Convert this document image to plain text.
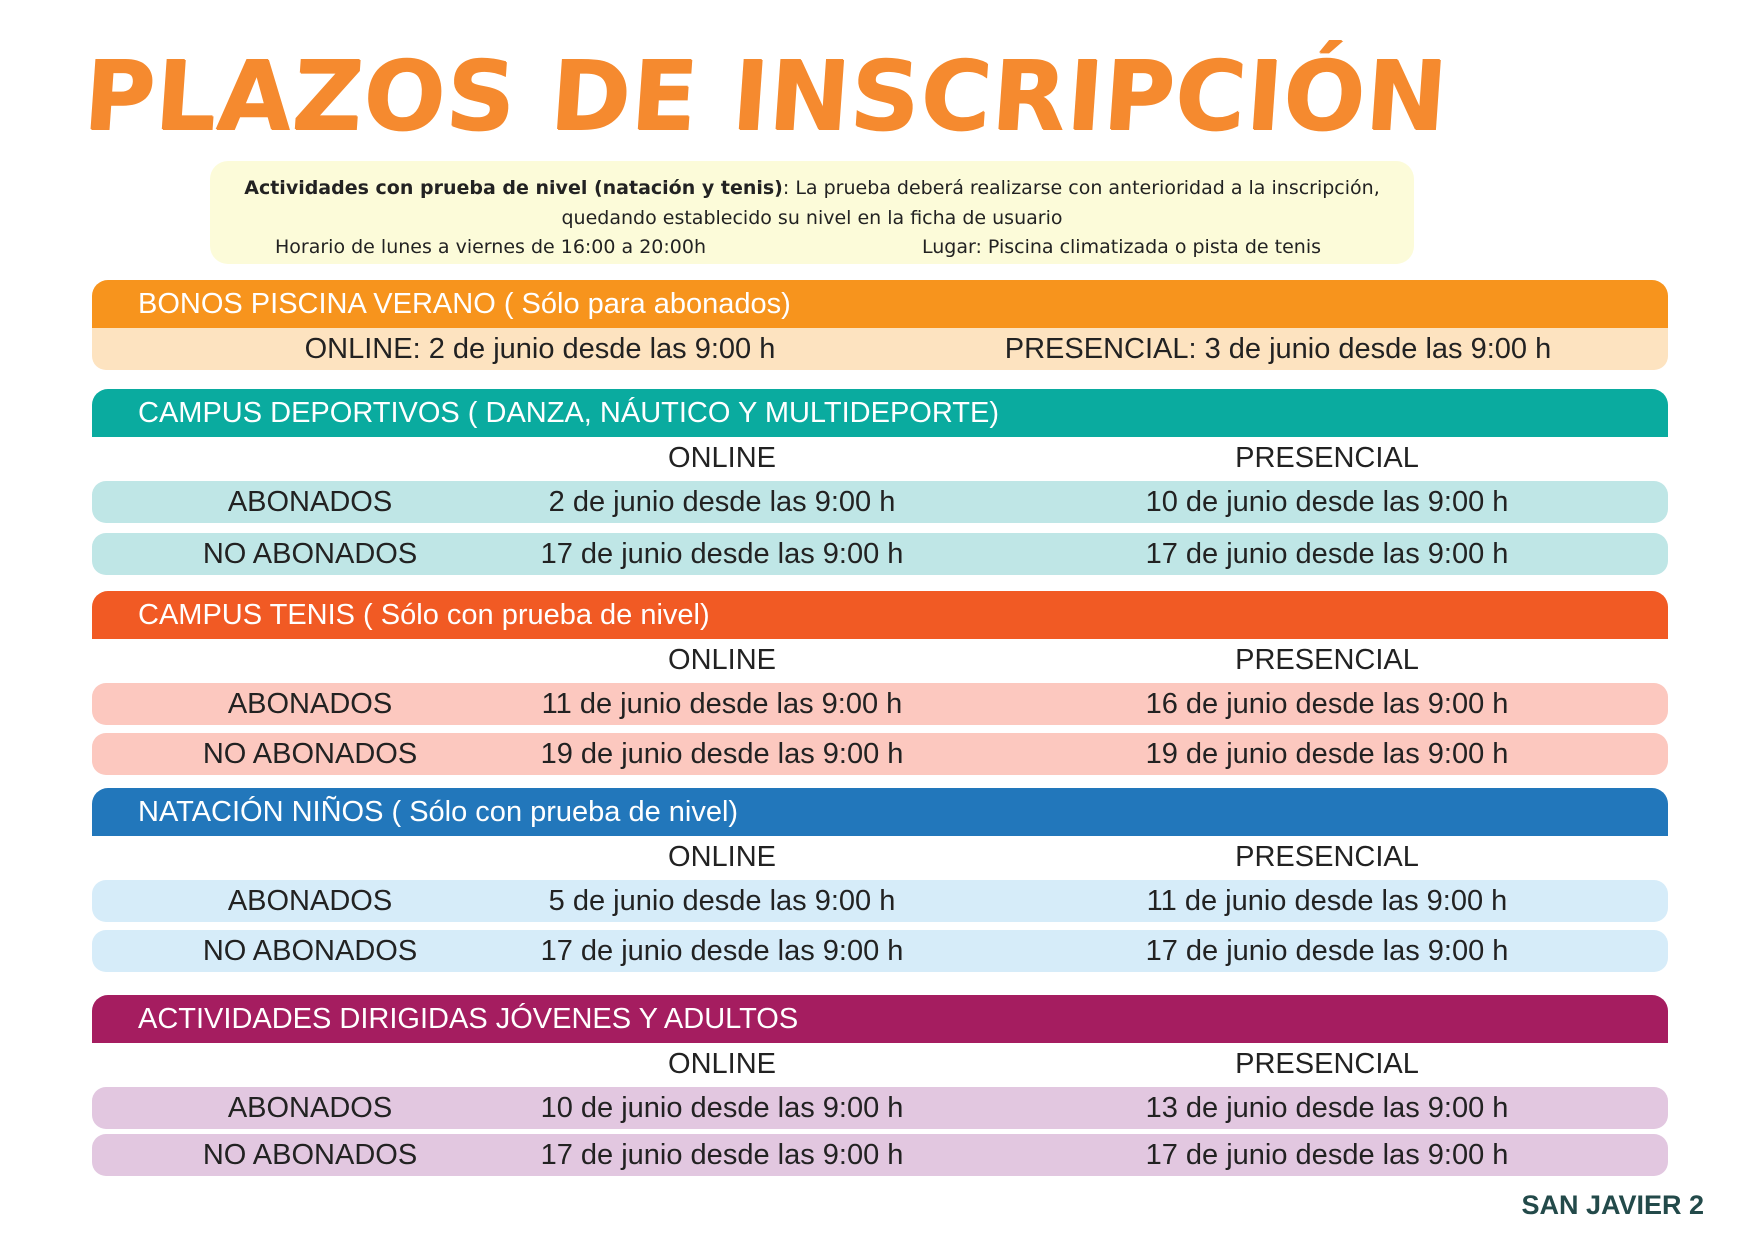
PLAZOS DE INSCRIPCIÓN
Actividades con prueba de nivel (natación y tenis): La prueba deberá realizarse con anterioridad a la inscripción,
quedando establecido su nivel en la ficha de usuario
Horario de lunes a viernes de 16:00 a 20:00h	Lugar: Piscina climatizada o pista de tenis
BONOS PISCINA VERANO ( Sólo para abonados)
ONLINE: 2 de junio desde las 9:00 h	PRESENCIAL: 3 de junio desde las 9:00 h
CAMPUS DEPORTIVOS ( DANZA, NÁUTICO Y MULTIDEPORTE)
ONLINE	PRESENCIAL
ABONADOS	2 de junio desde las 9:00 h	10 de junio desde las 9:00 h
NO ABONADOS	17 de junio desde las 9:00 h	17 de junio desde las 9:00 h
CAMPUS TENIS ( Sólo con prueba de nivel)
ONLINE	PRESENCIAL
ABONADOS	11 de junio desde las 9:00 h	16 de junio desde las 9:00 h
NO ABONADOS	19 de junio desde las 9:00 h	19 de junio desde las 9:00 h
NATACIÓN NIÑOS ( Sólo con prueba de nivel)
ONLINE	PRESENCIAL
ABONADOS	5 de junio desde las 9:00 h	11 de junio desde las 9:00 h
NO ABONADOS	17 de junio desde las 9:00 h	17 de junio desde las 9:00 h
ACTIVIDADES DIRIGIDAS JÓVENES Y ADULTOS
ONLINE	PRESENCIAL
ABONADOS	10 de junio desde las 9:00 h	13 de junio desde las 9:00 h
NO ABONADOS	17 de junio desde las 9:00 h	17 de junio desde las 9:00 h
SAN JAVIER 2
